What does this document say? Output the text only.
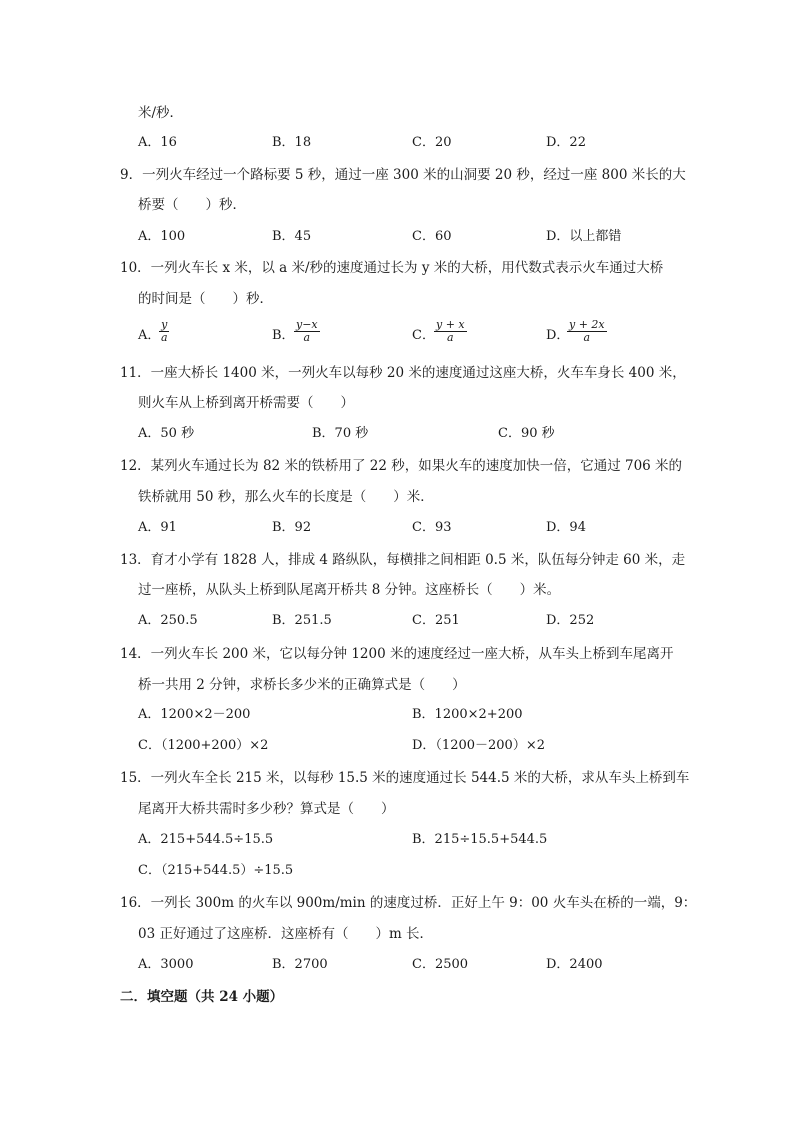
米/秒．
A．16	B．18	C．20	D．22
9．一列火车经过一个路标要 5 秒，通过一座 300 米的山洞要 20 秒，经过一座 800 米长的大
桥要（　　）秒．
A．100	B．45	C．60	D．以上都错
10．一列火车长 x 米，以 a 米/秒的速度通过长为 y 米的大桥，用代数式表示火车通过大桥
的时间是（　　）秒．
A．
$\frac{y}{a}$	B． $\frac{y-x}{a}$	C． $\frac{y + x}{a}$	D．
$\frac{y + 2x}{a}$
11．一座大桥长 1400 米，一列火车以每秒 20 米的速度通过这座大桥，火车车身长 400 米，
则火车从上桥到离开桥需要（　　）
A．50 秒	B．70 秒	C．90 秒
12．某列火车通过长为 82 米的铁桥用了 22 秒，如果火车的速度加快一倍，它通过 706 米的
铁桥就用 50 秒，那么火车的长度是（　　）米．
A．91	B．92	C．93	D．94
13．育才小学有 1828 人，排成 4 路纵队，每横排之间相距 0.5 米，队伍每分钟走 60 米，走
过一座桥，从队头上桥到队尾离开桥共 8 分钟。这座桥长（　　）米。
A．250.5	B．251.5	C．251	D．252
14．一列火车长 200 米，它以每分钟 1200 米的速度经过一座大桥，从车头上桥到车尾离开
桥一共用 2 分钟，求桥长多少米的正确算式是（　　）
A．1200×2－200	B．1200×2+200
C．（1200+200）×2	D．（1200－200）×2
15．一列火车全长 215 米，以每秒 15.5 米的速度通过长 544.5 米的大桥，求从车头上桥到车
尾离开大桥共需时多少秒？算式是（　　）
A．215+544.5÷15.5	B．215÷15.5+544.5
C．（215+544.5）÷15.5
16．一列长 300m 的火车以 900m/min 的速度过桥．正好上午 9：00 火车头在桥的一端，9：
03 正好通过了这座桥．这座桥有（　　）m 长．
A．3000	B．2700	C．2500	D．2400
二．填空题（共 24 小题）
